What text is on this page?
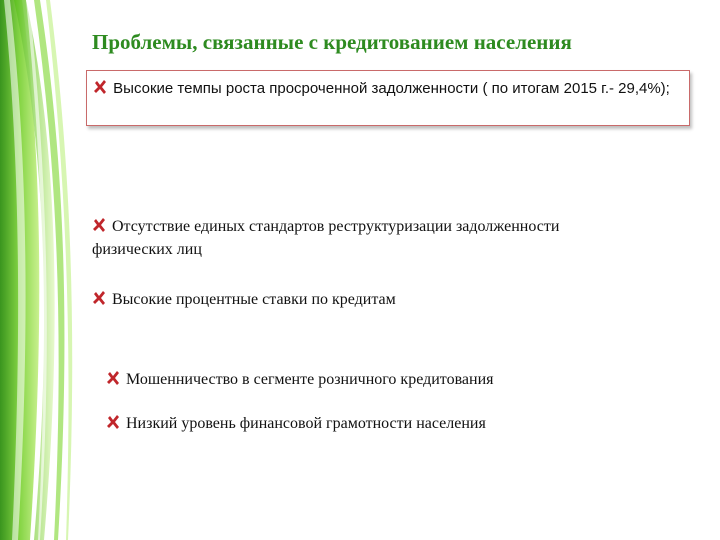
Проблемы, связанные с кредитованием населения
Высокие темпы роста просроченной задолженности ( по итогам 2015 г.- 29,4%);
Отсутствие единых стандартов реструктуризации задолженности физических лиц
Высокие процентные ставки по кредитам
Мошенничество в сегменте розничного кредитования
Низкий уровень финансовой грамотности населения
